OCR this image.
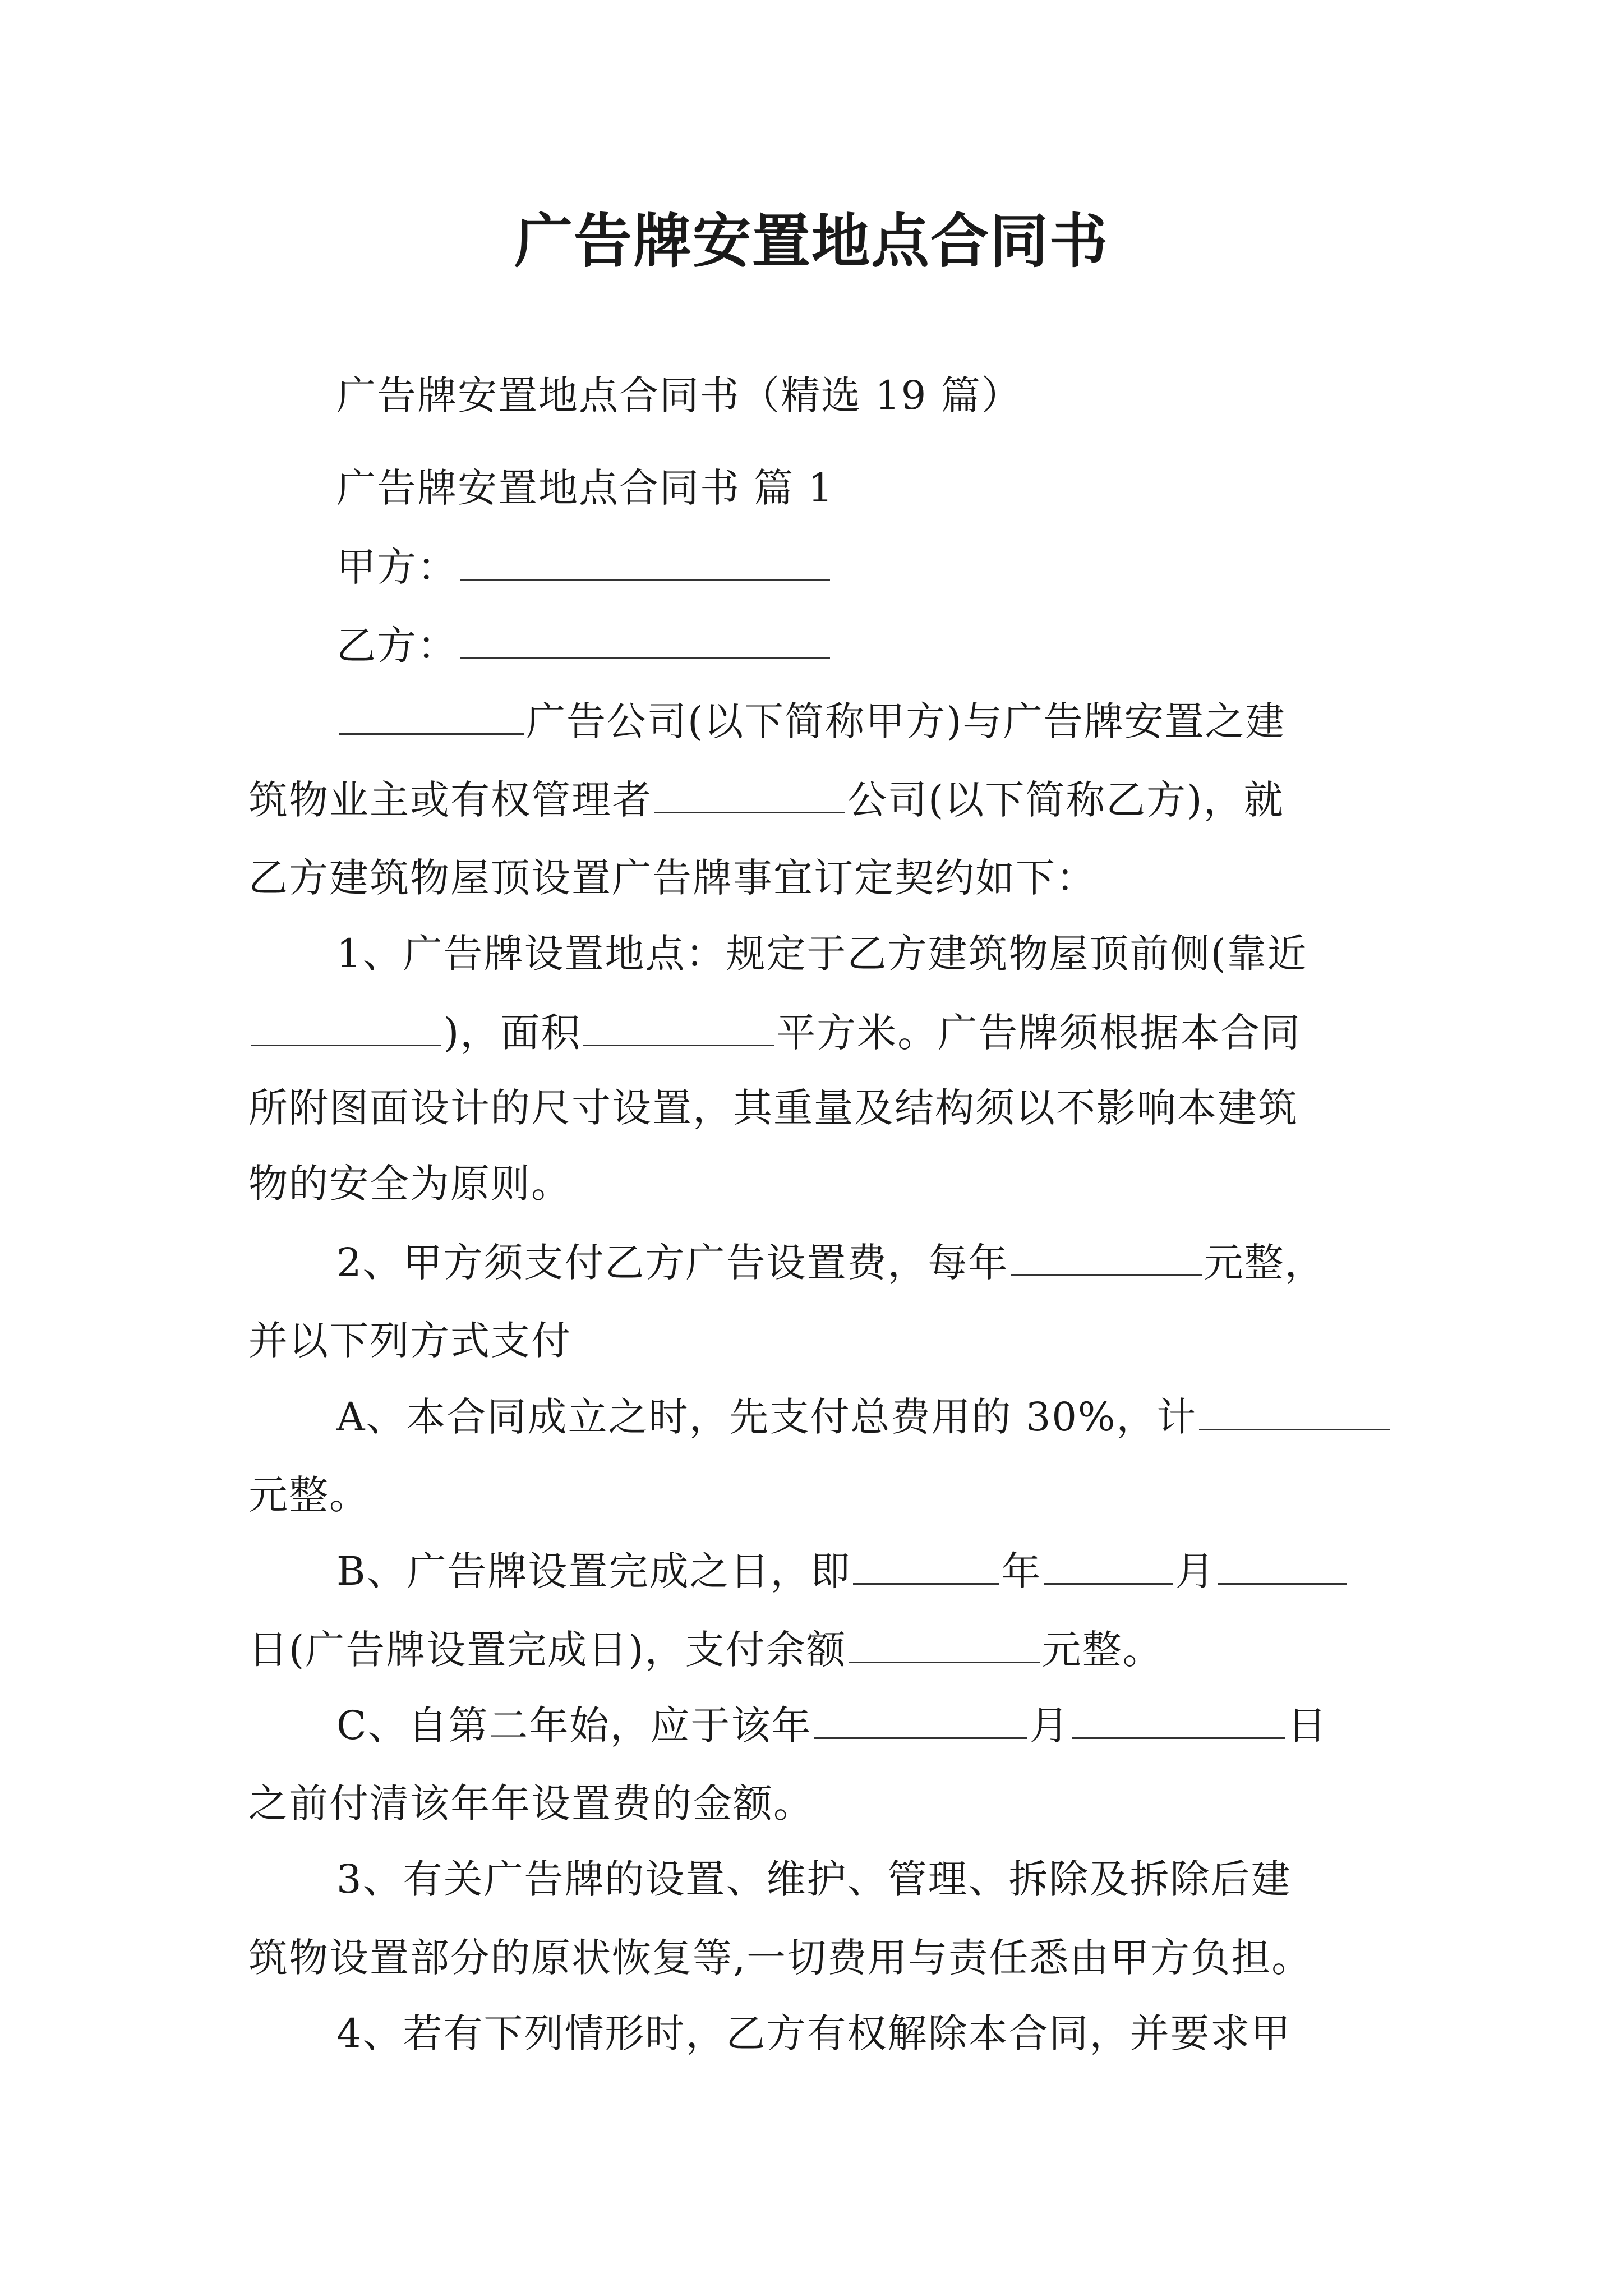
广告牌安置地点合同书
广告牌安置地点合同书（精选 19 篇）
广告牌安置地点合同书 篇 1
甲方：
乙方：
广告公司(以下简称甲方)与广告牌安置之建
筑物业主或有权管理者	公司(以下简称乙方)，就
乙方建筑物屋顶设置广告牌事宜订定契约如下：
1、广告牌设置地点：规定于乙方建筑物屋顶前侧(靠近
)，面积	平方米。广告牌须根据本合同
所附图面设计的尺寸设置，其重量及结构须以不影响本建筑
物的安全为原则。
2、甲方须支付乙方广告设置费，每年	元整，
并以下列方式支付
A、本合同成立之时，先支付总费用的 30%，计
元整。
B、广告牌设置完成之日，即	年	月
日(广告牌设置完成日)，支付余额	元整。
C、自第二年始，应于该年	月	日
之前付清该年年设置费的金额。
3、有关广告牌的设置、维护、管理、拆除及拆除后建
筑物设置部分的原状恢复等,一切费用与责任悉由甲方负担。
4、若有下列情形时，乙方有权解除本合同，并要求甲
